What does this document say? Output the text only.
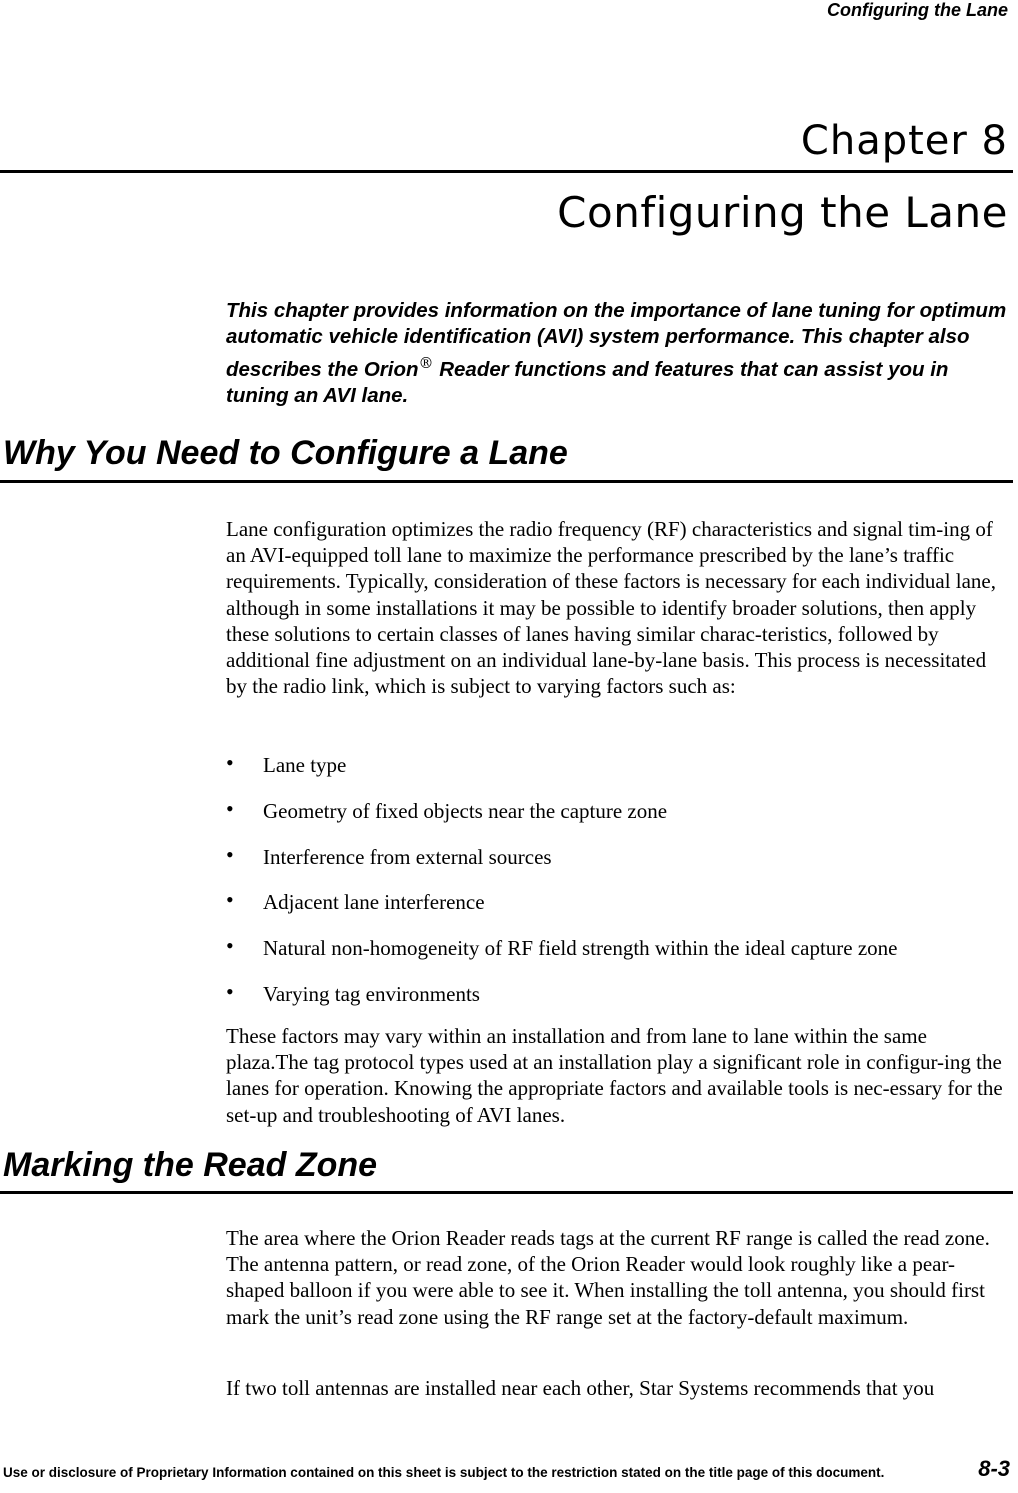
Configuring the Lane
Chapter 8
Configuring the Lane

This chapter provides information on the importance of lane tuning for optimum automatic vehicle identification (AVI) system performance. This chapter also describes the Orion® Reader functions and features that can assist you in tuning an AVI lane.

Why You Need to Configure a Lane

Lane configuration optimizes the radio frequency (RF) characteristics and signal tim-ing of an AVI-equipped toll lane to maximize the performance prescribed by the lane’s traffic requirements. Typically, consideration of these factors is necessary for each individual lane, although in some installations it may be possible to identify broader solutions, then apply these solutions to certain classes of lanes having similar charac-teristics, followed by additional fine adjustment on an individual lane-by-lane basis. This process is necessitated by the radio link, which is subject to varying factors such as:

• Lane type
• Geometry of fixed objects near the capture zone
• Interference from external sources
• Adjacent lane interference
• Natural non-homogeneity of RF field strength within the ideal capture zone
• Varying tag environments

These factors may vary within an installation and from lane to lane within the same plaza.The tag protocol types used at an installation play a significant role in configur-ing the lanes for operation. Knowing the appropriate factors and available tools is nec-essary for the set-up and troubleshooting of AVI lanes.

Marking the Read Zone

The area where the Orion Reader reads tags at the current RF range is called the read zone. The antenna pattern, or read zone, of the Orion Reader would look roughly like a pear-shaped balloon if you were able to see it. When installing the toll antenna, you should first mark the unit’s read zone using the RF range set at the factory-default maximum.

If two toll antennas are installed near each other, Star Systems recommends that you

Use or disclosure of Proprietary Information contained on this sheet is subject to the restriction stated on the title page of this document.	8-3
